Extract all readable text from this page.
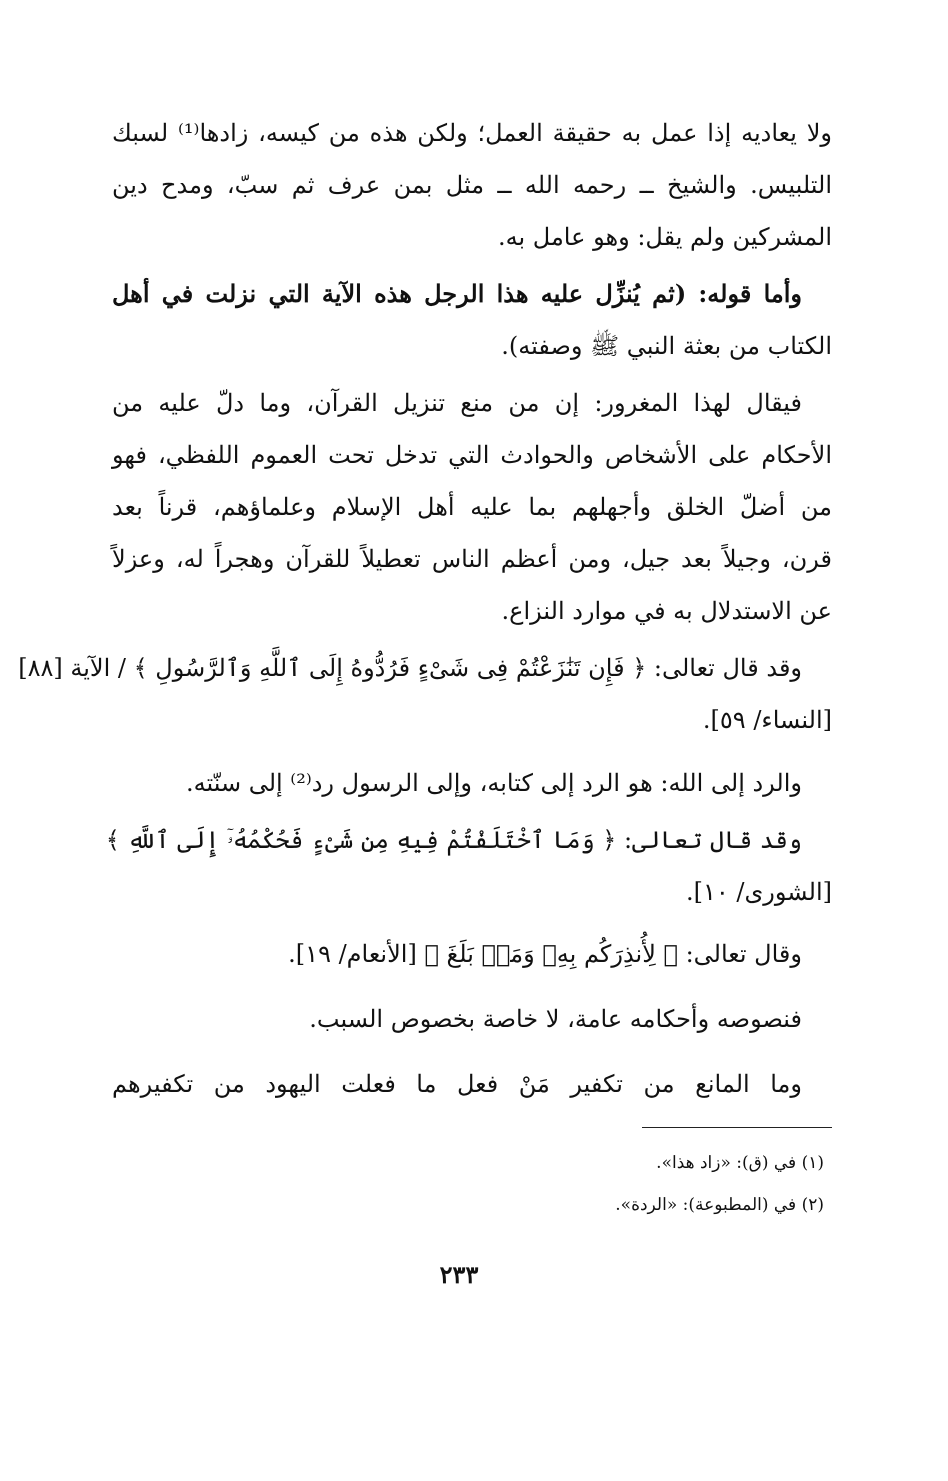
ولا يعاديه إذا عمل به حقيقة العمل؛ ولكن هذه من كيسه، زادها⁽¹⁾ لسبك
التلبيس. والشيخ ــ رحمه الله ــ مثل بمن عرف ثم سبّ، ومدح دين
المشركين ولم يقل: وهو عامل به.
وأما قوله: (ثم يُنزِّل عليه هذا الرجل هذه الآية التي نزلت في أهل
الكتاب من بعثة النبي ﷺ وصفته).
فيقال لهذا المغرور: إن من منع تنزيل القرآن، وما دلّ عليه من
الأحكام على الأشخاص والحوادث التي تدخل تحت العموم اللفظي، فهو
من أضلّ الخلق وأجهلهم بما عليه أهل الإسلام وعلماؤهم، قرناً بعد
قرن، وجيلاً بعد جيل، ومن أعظم الناس تعطيلاً للقرآن وهجراً له، وعزلاً
عن الاستدلال به في موارد النزاع.
وقد قال تعالى: ﴿ فَإِن تَنَٰزَعْتُمْ فِى شَىْءٍ فَرُدُّوهُ إِلَى ٱللَّهِ وَٱلرَّسُولِ ﴾ / الآية [٨٨]
[النساء/ ٥٩].
والرد إلى الله: هو الرد إلى كتابه، وإلى الرسول رد⁽²⁾ إلى سنّته.
وقد قال تعالى: ﴿ وَمَا ٱخْتَلَفْتُمْ فِيهِ مِن شَىْءٍ فَحُكْمُهُۥٓ إِلَى ٱللَّهِ ﴾
[الشورى/ ١٠].
وقال تعالى: ﴿ لِأُنذِرَكُم بِهِۦ وَمَنۢ بَلَغَ ﴾ [الأنعام/ ١٩].
فنصوصه وأحكامه عامة، لا خاصة بخصوص السبب.
وما المانع من تكفير مَنْ فعل ما فعلت اليهود من تكفيرهم
(١) في (ق): «زاد هذا».
(٢) في (المطبوعة): «الردة».
٢٣٣
